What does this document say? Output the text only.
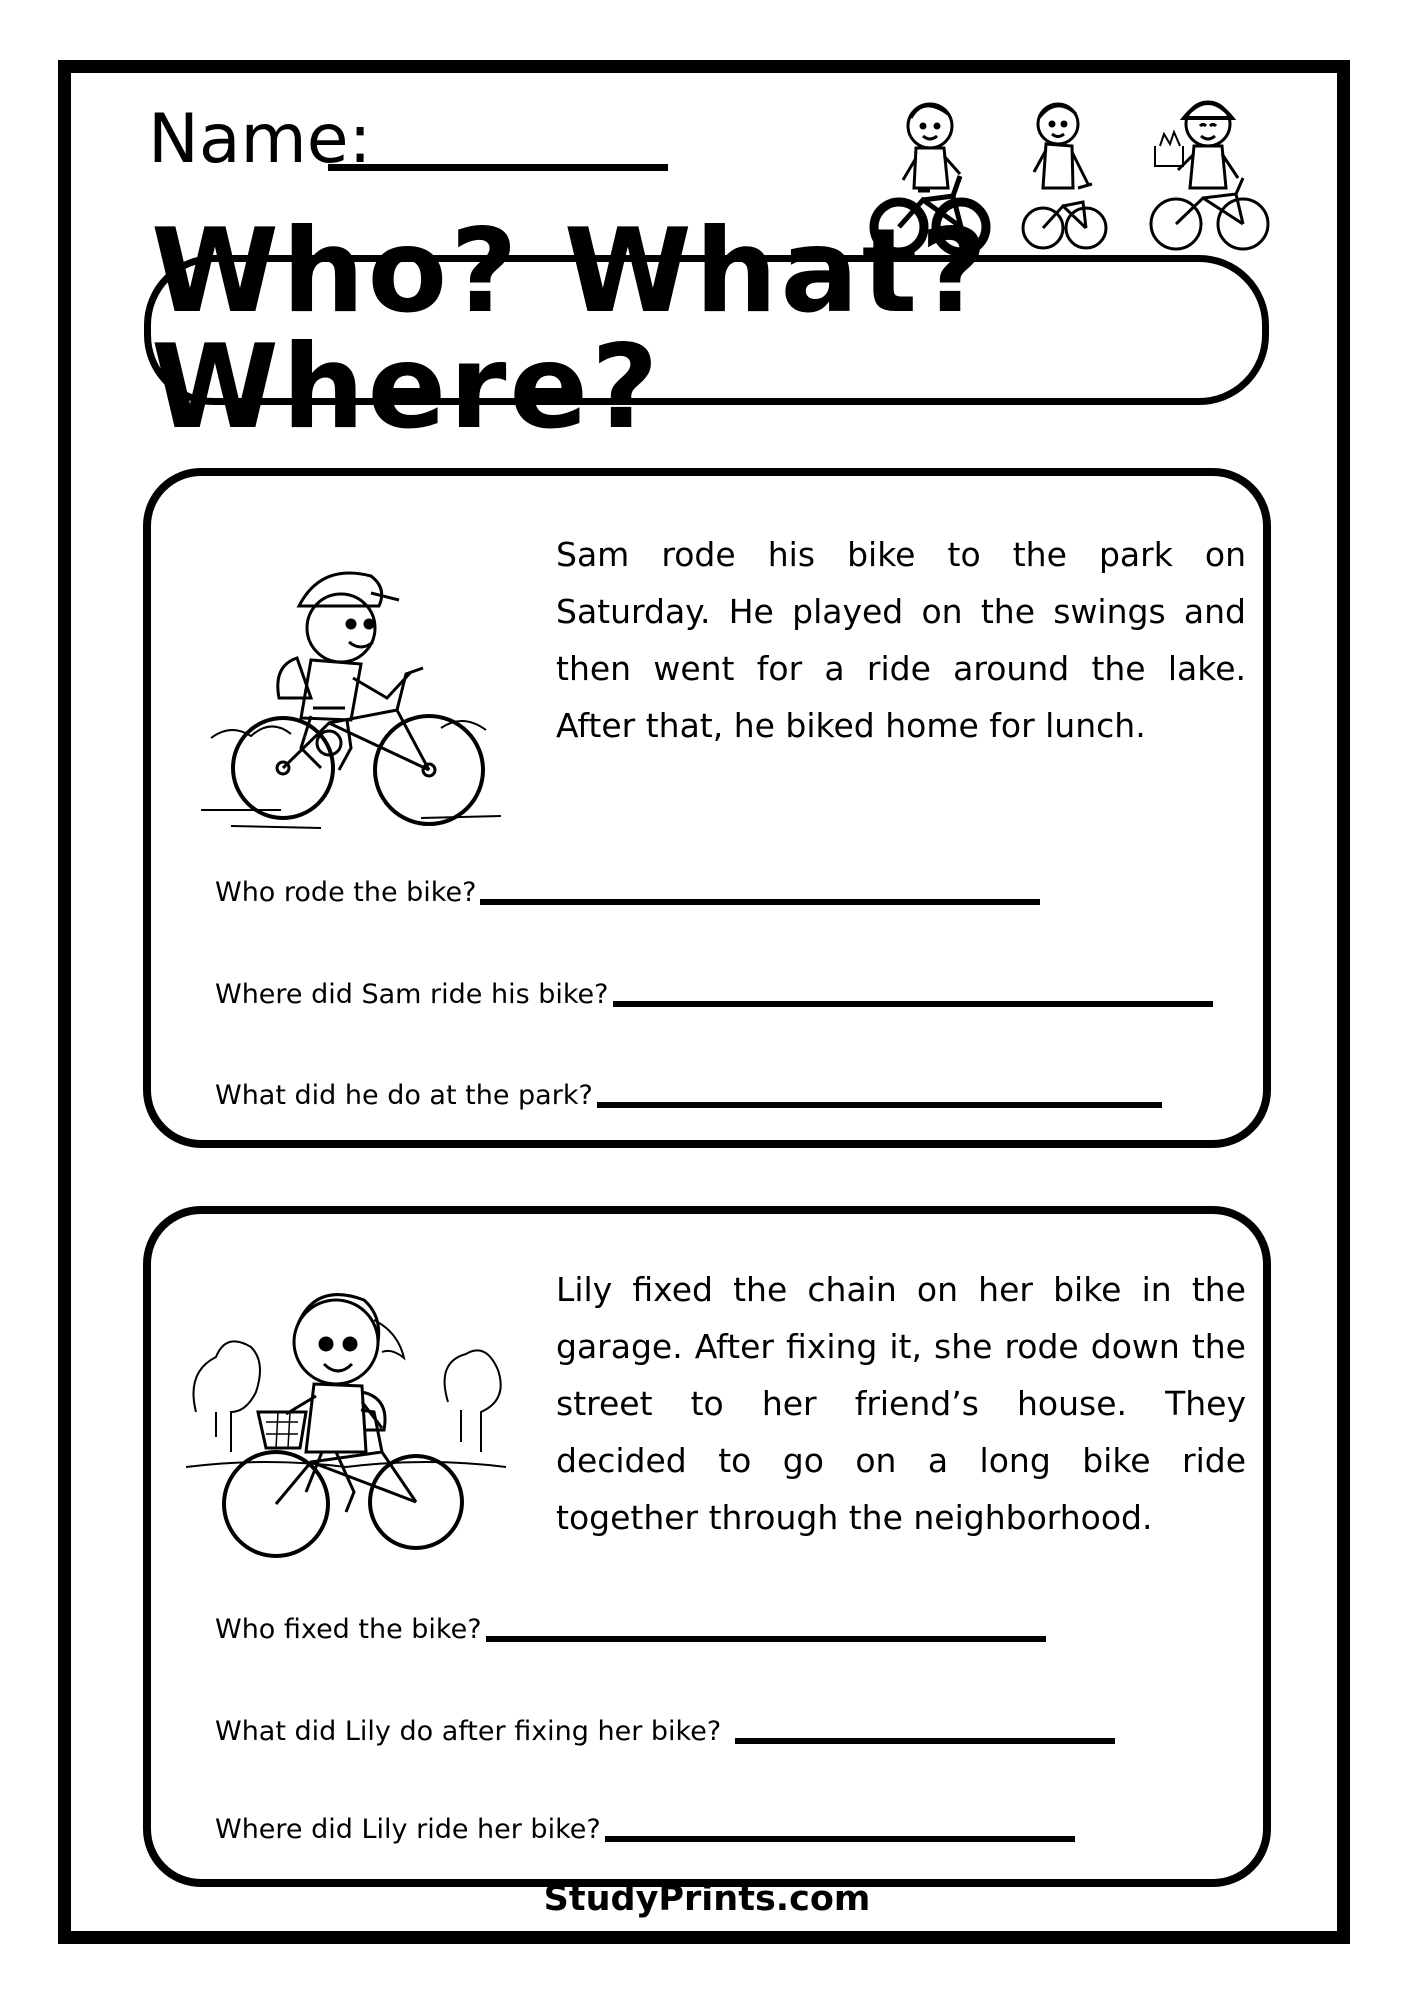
Name:
Who? What? Where?

Sam rode his bike to the park on Saturday. He played on the swings and then went for a ride around the lake. After that, he biked home for lunch.

Who rode the bike?
Where did Sam ride his bike?
What did he do at the park?

Lily fixed the chain on her bike in the garage. After fixing it, she rode down the street to her friend’s house. They decided to go on a long bike ride together through the neighborhood.

Who fixed the bike?
What did Lily do after fixing her bike?
Where did Lily ride her bike?
StudyPrints.com
